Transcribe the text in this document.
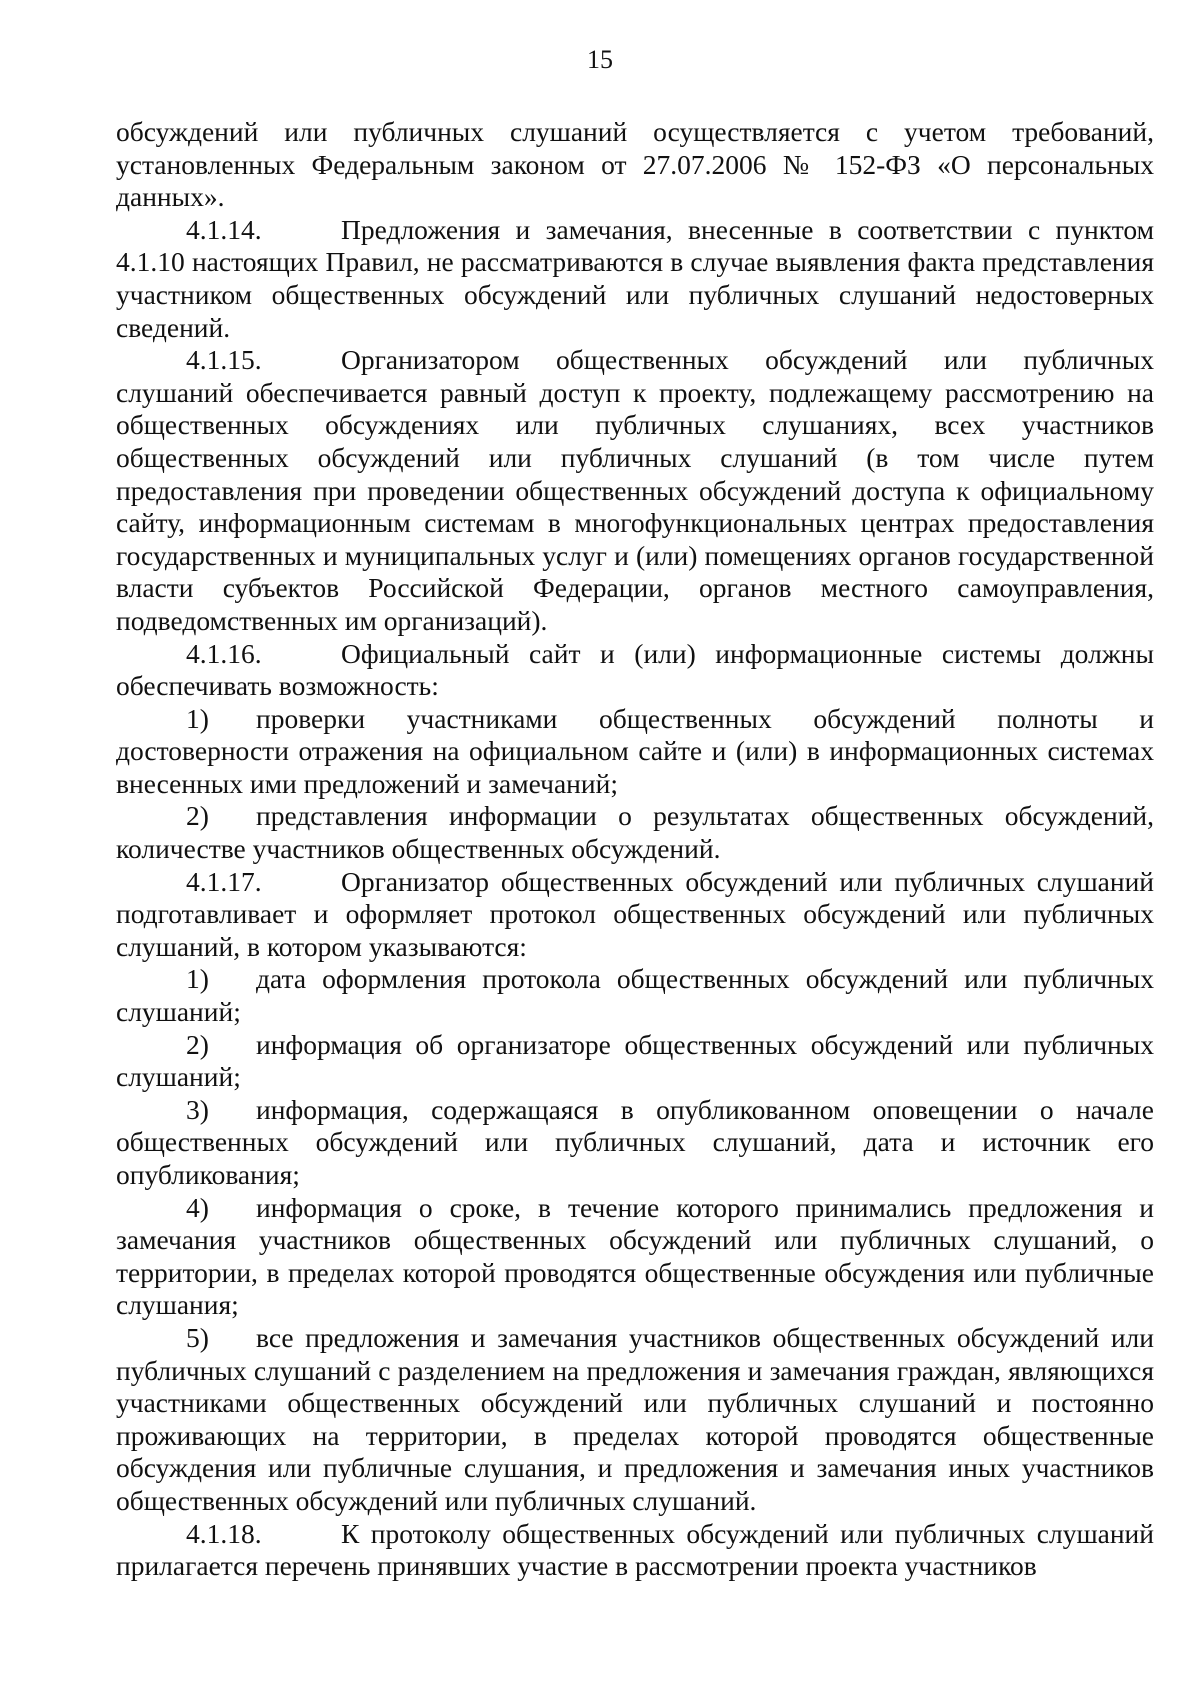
15

обсуждений или публичных слушаний осуществляется с учетом требований, установленных Федеральным законом от 27.07.2006 № 152-ФЗ «О персональных данных».

4.1.14.	Предложения и замечания, внесенные в соответствии с пунктом 4.1.10 настоящих Правил, не рассматриваются в случае выявления факта представления участником общественных обсуждений или публичных слушаний недостоверных сведений.

4.1.15.	Организатором общественных обсуждений или публичных слушаний обеспечивается равный доступ к проекту, подлежащему рассмотрению на общественных обсуждениях или публичных слушаниях, всех участников общественных обсуждений или публичных слушаний (в том числе путем предоставления при проведении общественных обсуждений доступа к официальному сайту, информационным системам в многофункциональных центрах предоставления государственных и муниципальных услуг и (или) помещениях органов государственной власти субъектов Российской Федерации, органов местного самоуправления, подведомственных им организаций).

4.1.16.	Официальный сайт и (или) информационные системы должны обеспечивать возможность:

1) проверки участниками общественных обсуждений полноты и достоверности отражения на официальном сайте и (или) в информационных системах внесенных ими предложений и замечаний;

2) представления информации о результатах общественных обсуждений, количестве участников общественных обсуждений.

4.1.17.	Организатор общественных обсуждений или публичных слушаний подготавливает и оформляет протокол общественных обсуждений или публичных слушаний, в котором указываются:

1) дата оформления протокола общественных обсуждений или публичных слушаний;

2) информация об организаторе общественных обсуждений или публичных слушаний;

3) информация, содержащаяся в опубликованном оповещении о начале общественных обсуждений или публичных слушаний, дата и источник его опубликования;

4) информация о сроке, в течение которого принимались предложения и замечания участников общественных обсуждений или публичных слушаний, о территории, в пределах которой проводятся общественные обсуждения или публичные слушания;

5) все предложения и замечания участников общественных обсуждений или публичных слушаний с разделением на предложения и замечания граждан, являющихся участниками общественных обсуждений или публичных слушаний и постоянно проживающих на территории, в пределах которой проводятся общественные обсуждения или публичные слушания, и предложения и замечания иных участников общественных обсуждений или публичных слушаний.

4.1.18.	К протоколу общественных обсуждений или публичных слушаний прилагается перечень принявших участие в рассмотрении проекта участников
